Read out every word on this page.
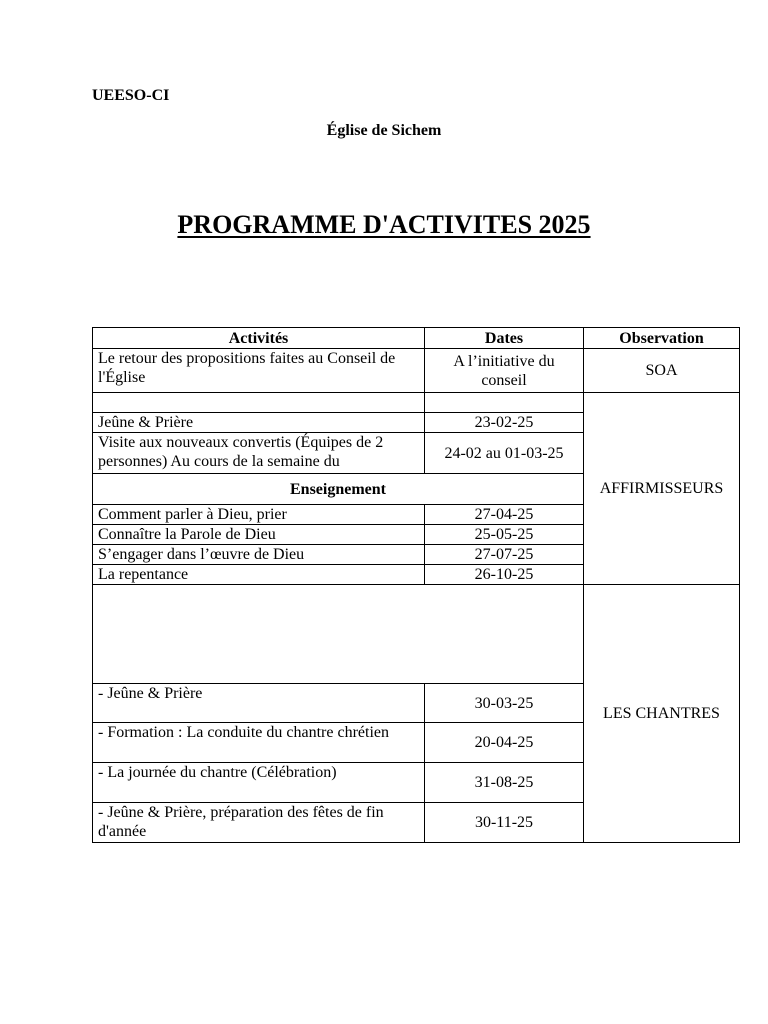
UEESO-CI
Église de Sichem
PROGRAMME D'ACTIVITES 2025
Activités	Dates	Observation
Le retour des propositions faites au Conseil de l'Église	A l’initiative du conseil	SOA
		AFFIRMISSEURS
Jeûne & Prière	23-02-25	
Visite aux nouveaux convertis (Équipes de 2 personnes) Au cours de la semaine du	24-02 au 01-03-25	
Enseignement		
Comment parler à Dieu, prier	27-04-25	
Connaître la Parole de Dieu	25-05-25	
S’engager dans l’œuvre de Dieu	27-07-25	
La repentance	26-10-25	

		LES CHANTRES
- Jeûne & Prière	30-03-25	
- Formation : La conduite du chantre chrétien	20-04-25	
- La journée du chantre (Célébration)	31-08-25	
- Jeûne & Prière, préparation des fêtes de fin d'année	30-11-25	
